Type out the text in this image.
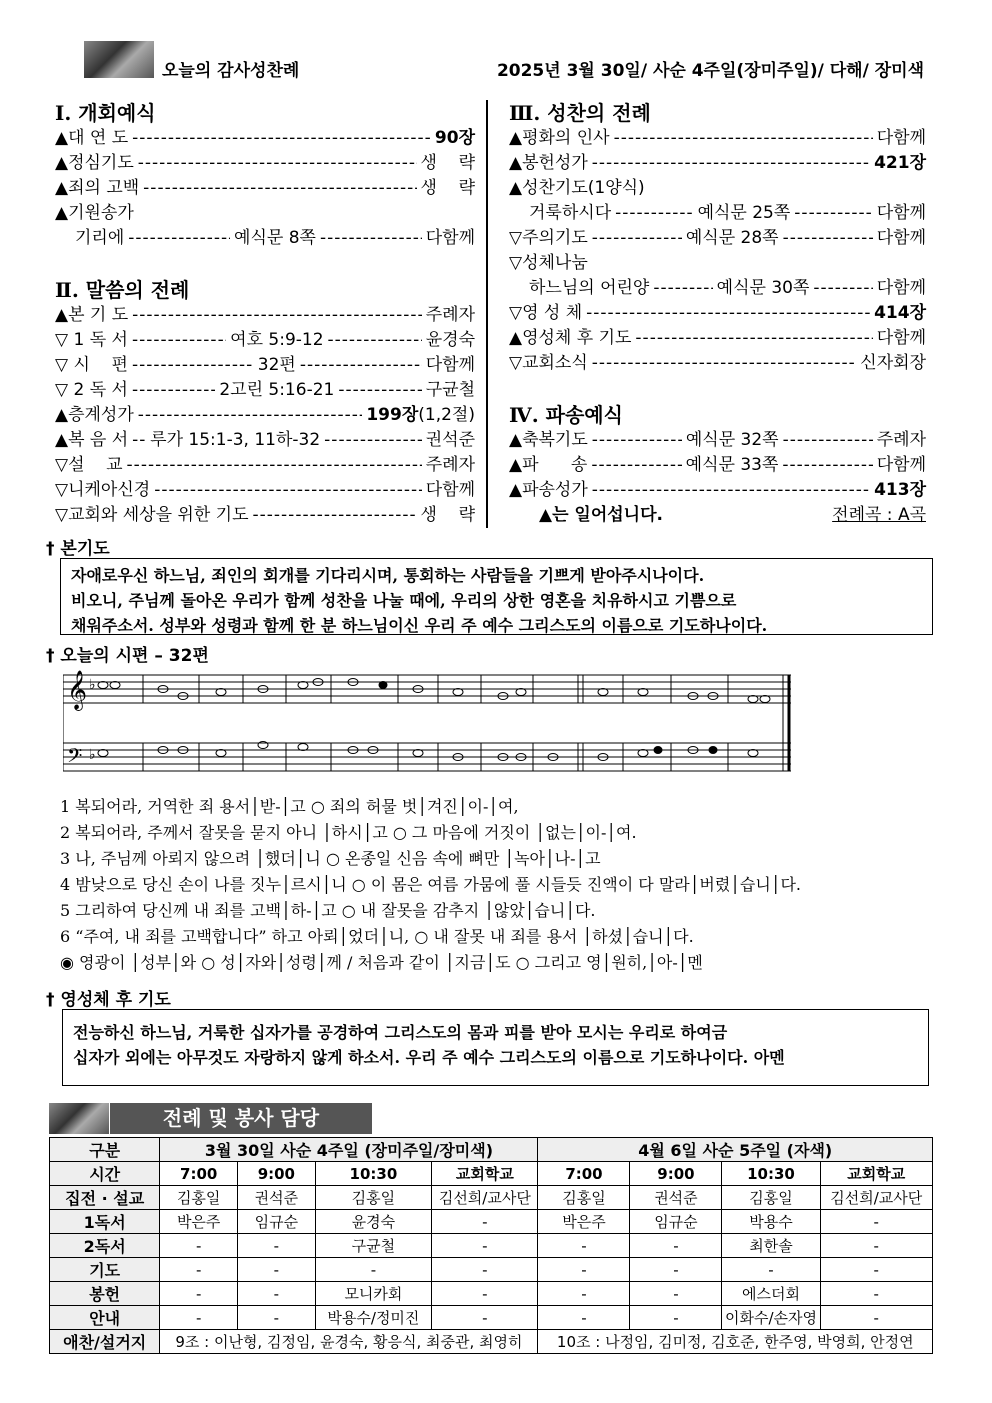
오늘의 감사성찬례	2025년 3월 30일/ 사순 4주일(장미주일)/ 다해/ 장미색
Ⅰ. 개회예식
▲대 연 도 -----	90장
▲정심기도 -----	생    략
▲죄의 고백 -----	생    략
▲기원송가
기리에 -----	예식문 8쪽 -----	다함께
Ⅱ. 말씀의 전례
▲본 기 도 -----	주례자
▽ 1 독 서 -----	여호 5:9-12 -----	윤경숙
▽ 시    편 -----	32편 -----	다함께
▽ 2 독 서 -----	2고린 5:16-21 -----	구균철
▲층계성가 -----	199장(1,2절)
▲복 음 서 ----- 루가 15:1-3, 11하-32 -----	권석준
▽설    교 -----	주례자
▽니케아신경 -----	다함께
▽교회와 세상을 위한 기도 -----	생    략
Ⅲ. 성찬의 전례
▲평화의 인사 -----	다함께
▲봉헌성가 -----	421장
▲성찬기도(1양식)
거룩하시다 -----	예식문 25쪽 -----	다함께
▽주의기도 -----	예식문 28쪽 -----	다함께
▽성체나눔
하느님의 어린양 -----	예식문 30쪽 -----	다함께
▽영 성 체 -----	414장
▲영성체 후 기도 -----	다함께
▽교회소식 -----	신자회장
Ⅳ. 파송예식
▲축복기도 -----	예식문 32쪽 -----	주례자
▲파      송 -----	예식문 33쪽 -----	다함께
▲파송성가 -----	413장
▲는 일어섭니다.	전례곡 : A곡
† 본기도
자애로우신 하느님, 죄인의 회개를 기다리시며, 통회하는 사람들을 기쁘게 받아주시나이다.
비오니, 주님께 돌아온 우리가 함께 성찬을 나눌 때에, 우리의 상한 영혼을 치유하시고 기쁨으로
채워주소서. 성부와 성령과 함께 한 분 하느님이신 우리 주 예수 그리스도의 이름으로 기도하나이다.
† 오늘의 시편 – 32편
𝄞 ♭
𝄢 ♭
1 복되어라, 거역한 죄 용서│받-│고 ○ 죄의 허물 벗│겨진│이-│여,
2 복되어라, 주께서 잘못을 묻지 아니 │하시│고 ○ 그 마음에 거짓이 │없는│이-│여.
3 나, 주님께 아뢰지 않으려 │했더│니 ○ 온종일 신음 속에 뼈만 │녹아│나-│고
4 밤낮으로 당신 손이 나를 짓누│르시│니 ○ 이 몸은 여름 가뭄에 풀 시들듯 진액이 다 말라│버렸│습니│다.
5 그리하여 당신께 내 죄를 고백│하-│고 ○ 내 잘못을 감추지 │않았│습니│다.
6 “주여, 내 죄를 고백합니다” 하고 아뢰│었더│니, ○ 내 잘못 내 죄를 용서 │하셨│습니│다.
◉ 영광이 │성부│와 ○ 성│자와│성령│께 / 처음과 같이 │지금│도 ○ 그리고 영│원히,│아-│멘
† 영성체 후 기도
전능하신 하느님, 거룩한 십자가를 공경하여 그리스도의 몸과 피를 받아 모시는 우리로 하여금
십자가 외에는 아무것도 자랑하지 않게 하소서. 우리 주 예수 그리스도의 이름으로 기도하나이다. 아멘
전례 및 봉사 담당
구분	3월 30일 사순 4주일 (장미주일/장미색)				4월 6일 사순 5주일 (자색)			
시간	7:00	9:00	10:30	교회학교	7:00	9:00	10:30	교회학교
집전 · 설교	김홍일	권석준	김홍일	김선희/교사단	김홍일	권석준	김홍일	김선희/교사단
1독서	박은주	임규순	윤경숙	-	박은주	임규순	박용수	-
2독서	-	-	구균철	-	-	-	최한솔	-
기도	-	-	-	-	-	-	-	-
봉헌	-	-	모니카회	-	-	-	에스더회	-
안내	-	-	박용수/정미진	-	-	-	이화수/손자영	-
애찬/설거지	9조 : 이난형, 김정임, 윤경숙, 황응식, 최중관, 최영히				10조 : 나정임, 김미정, 김호준, 한주영, 박영희, 안정연			
